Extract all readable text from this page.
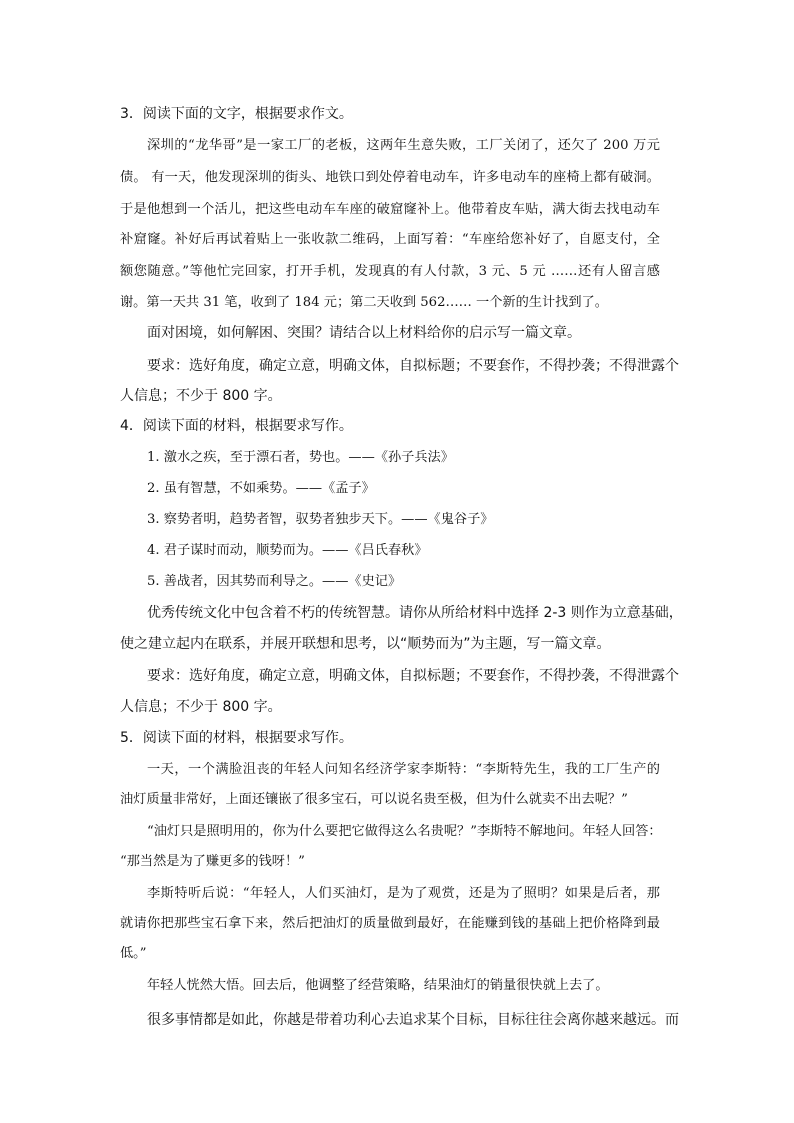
3．阅读下面的文字，根据要求作文。
深圳的“龙华哥”是一家工厂的老板，这两年生意失败，工厂关闭了，还欠了 200 万元
债。 有一天，他发现深圳的街头、地铁口到处停着电动车，许多电动车的座椅上都有破洞。
于是他想到一个活儿，把这些电动车车座的破窟窿补上。他带着皮车贴，满大街去找电动车
补窟窿。补好后再试着贴上一张收款二维码，上面写着：“车座给您补好了，自愿支付，全
额您随意。”等他忙完回家，打开手机，发现真的有人付款，3 元、5 元 ……还有人留言感
谢。第一天共 31 笔，收到了 184 元；第二天收到 562…… 一个新的生计找到了。
面对困境，如何解困、突围？请结合以上材料给你的启示写一篇文章。
要求：选好角度，确定立意，明确文体，自拟标题；不要套作，不得抄袭；不得泄露个
人信息；不少于 800 字。
4．阅读下面的材料，根据要求写作。
1. 激水之疾，至于漂石者，势也。——《孙子兵法》
2. 虽有智慧，不如乘势。——《孟子》
3. 察势者明，趋势者智，驭势者独步天下。——《鬼谷子》
4. 君子谋时而动，顺势而为。——《吕氏春秋》
5. 善战者，因其势而利导之。——《史记》
优秀传统文化中包含着不朽的传统智慧。请你从所给材料中选择 2-3 则作为立意基础，
使之建立起内在联系，并展开联想和思考，以“顺势而为”为主题，写一篇文章。
要求：选好角度，确定立意，明确文体，自拟标题；不要套作，不得抄袭，不得泄露个
人信息；不少于 800 字。
5．阅读下面的材料，根据要求写作。
一天，一个满脸沮丧的年轻人问知名经济学家李斯特：“李斯特先生，我的工厂生产的
油灯质量非常好，上面还镶嵌了很多宝石，可以说名贵至极，但为什么就卖不出去呢？”
“油灯只是照明用的，你为什么要把它做得这么名贵呢？”李斯特不解地问。年轻人回答：
“那当然是为了赚更多的钱呀！”
李斯特听后说：“年轻人，人们买油灯，是为了观赏，还是为了照明？如果是后者，那
就请你把那些宝石拿下来，然后把油灯的质量做到最好，在能赚到钱的基础上把价格降到最
低。”
年轻人恍然大悟。回去后，他调整了经营策略，结果油灯的销量很快就上去了。
很多事情都是如此，你越是带着功利心去追求某个目标，目标往往会离你越来越远。而
